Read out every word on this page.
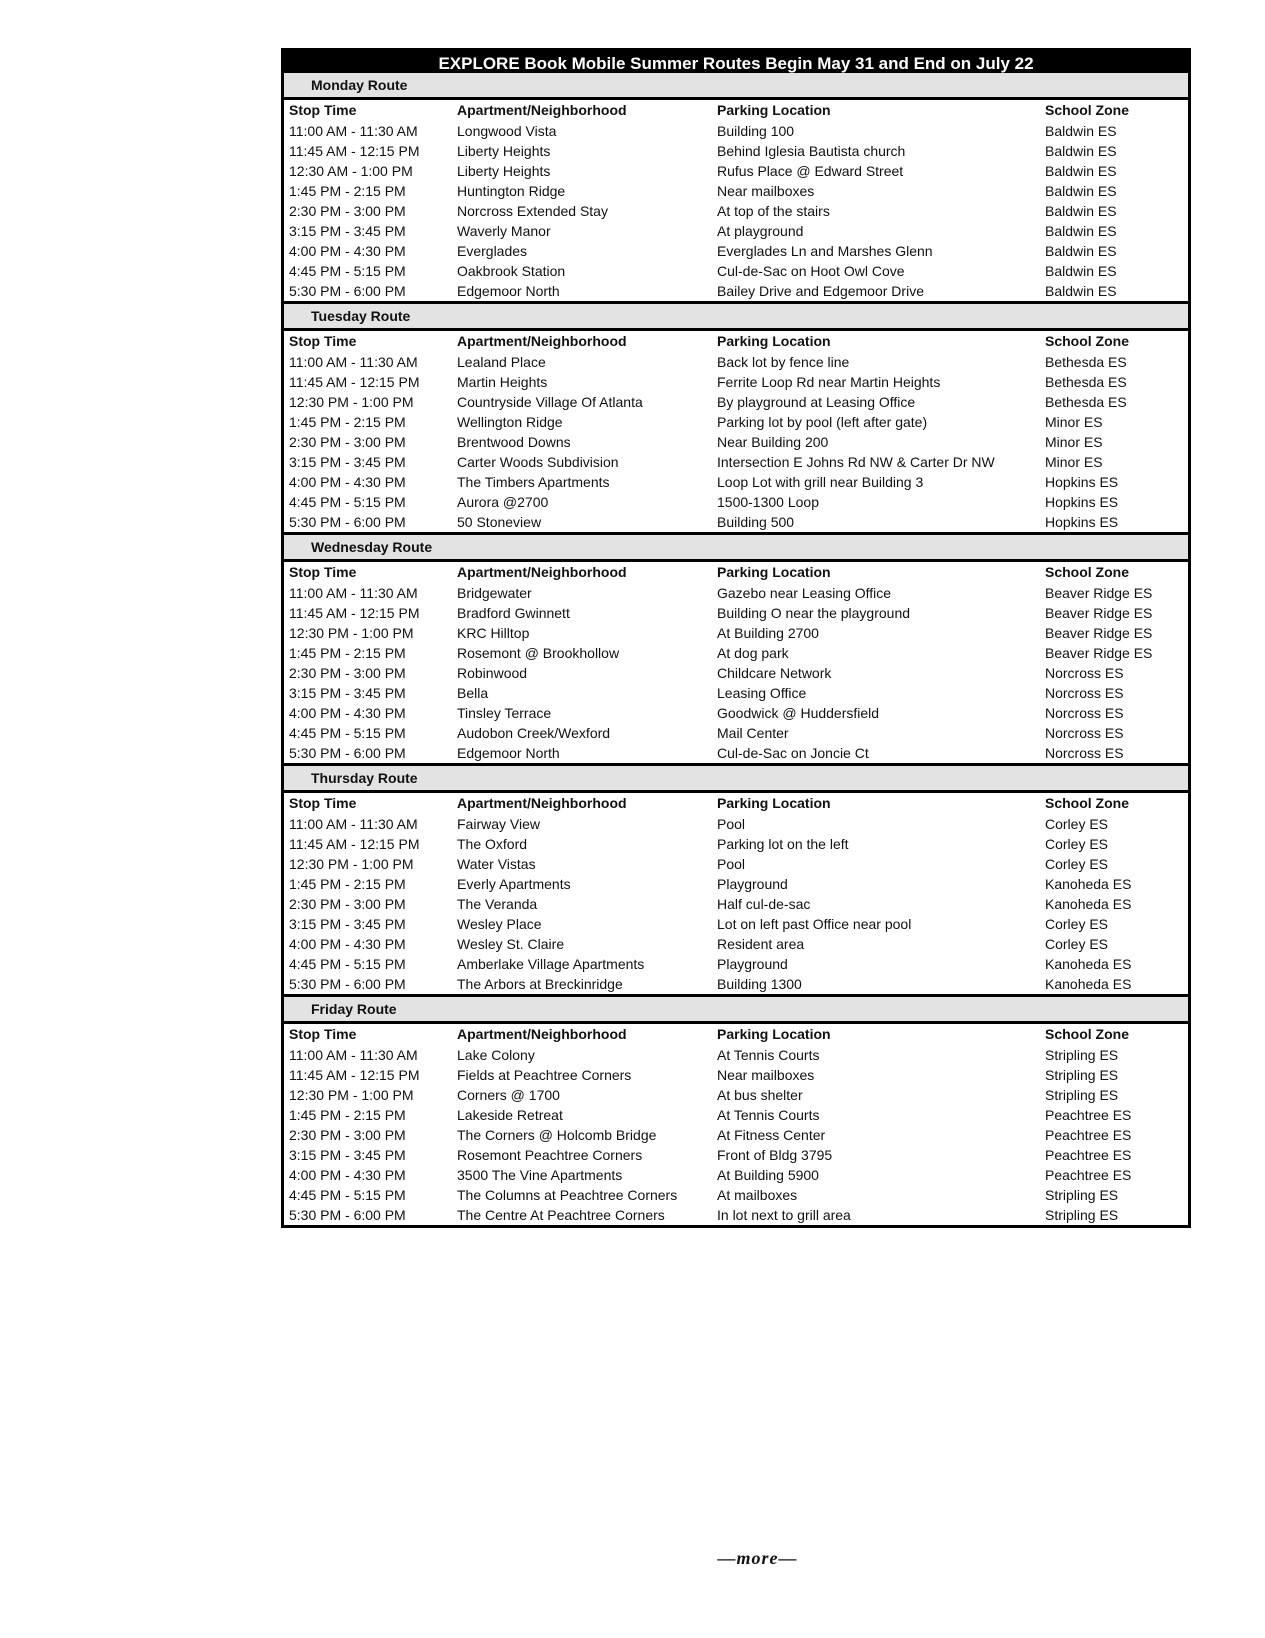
EXPLORE Book Mobile Summer Routes Begin May 31 and End on July 22
Monday Route
Stop Time	Apartment/Neighborhood	Parking Location	School Zone
11:00 AM - 11:30 AM	Longwood Vista	Building 100	Baldwin ES
11:45 AM - 12:15 PM	Liberty Heights	Behind Iglesia Bautista church	Baldwin ES
12:30 AM - 1:00 PM	Liberty Heights	Rufus Place @ Edward Street	Baldwin ES
1:45 PM - 2:15 PM	Huntington Ridge	Near mailboxes	Baldwin ES
2:30 PM - 3:00 PM	Norcross Extended Stay	At top of the stairs	Baldwin ES
3:15 PM - 3:45 PM	Waverly Manor	At playground	Baldwin ES
4:00 PM - 4:30 PM	Everglades	Everglades Ln and Marshes Glenn	Baldwin ES
4:45 PM - 5:15 PM	Oakbrook Station	Cul-de-Sac on Hoot Owl Cove	Baldwin ES
5:30 PM - 6:00 PM	Edgemoor North	Bailey Drive and Edgemoor Drive	Baldwin ES
Tuesday Route
Stop Time	Apartment/Neighborhood	Parking Location	School Zone
11:00 AM - 11:30 AM	Lealand Place	Back lot by fence line	Bethesda ES
11:45 AM - 12:15 PM	Martin Heights	Ferrite Loop Rd near Martin Heights	Bethesda ES
12:30 PM - 1:00 PM	Countryside Village Of Atlanta	By playground at Leasing Office	Bethesda ES
1:45 PM - 2:15 PM	Wellington Ridge	Parking lot by pool (left after gate)	Minor ES
2:30 PM - 3:00 PM	Brentwood Downs	Near Building 200	Minor ES
3:15 PM - 3:45 PM	Carter Woods Subdivision	Intersection E Johns Rd NW & Carter Dr NW	Minor ES
4:00 PM - 4:30 PM	The Timbers Apartments	Loop Lot with grill near Building 3	Hopkins ES
4:45 PM - 5:15 PM	Aurora @2700	1500-1300 Loop	Hopkins ES
5:30 PM - 6:00 PM	50 Stoneview	Building 500	Hopkins ES
Wednesday Route
Stop Time	Apartment/Neighborhood	Parking Location	School Zone
11:00 AM - 11:30 AM	Bridgewater	Gazebo near Leasing Office	Beaver Ridge ES
11:45 AM - 12:15 PM	Bradford Gwinnett	Building O near the playground	Beaver Ridge ES
12:30 PM - 1:00 PM	KRC Hilltop	At Building 2700	Beaver Ridge ES
1:45 PM - 2:15 PM	Rosemont @ Brookhollow	At dog park	Beaver Ridge ES
2:30 PM - 3:00 PM	Robinwood	Childcare Network	Norcross ES
3:15 PM - 3:45 PM	Bella	Leasing Office	Norcross ES
4:00 PM - 4:30 PM	Tinsley Terrace	Goodwick @ Huddersfield	Norcross ES
4:45 PM - 5:15 PM	Audobon Creek/Wexford	Mail Center	Norcross ES
5:30 PM - 6:00 PM	Edgemoor North	Cul-de-Sac on Joncie Ct	Norcross ES
Thursday Route
Stop Time	Apartment/Neighborhood	Parking Location	School Zone
11:00 AM - 11:30 AM	Fairway View	Pool	Corley ES
11:45 AM - 12:15 PM	The Oxford	Parking lot on the left	Corley ES
12:30 PM - 1:00 PM	Water Vistas	Pool	Corley ES
1:45 PM - 2:15 PM	Everly Apartments	Playground	Kanoheda ES
2:30 PM - 3:00 PM	The Veranda	Half cul-de-sac	Kanoheda ES
3:15 PM - 3:45 PM	Wesley Place	Lot on left past Office near pool	Corley ES
4:00 PM - 4:30 PM	Wesley St. Claire	Resident area	Corley ES
4:45 PM - 5:15 PM	Amberlake Village Apartments	Playground	Kanoheda ES
5:30 PM - 6:00 PM	The Arbors at Breckinridge	Building 1300	Kanoheda ES
Friday Route
Stop Time	Apartment/Neighborhood	Parking Location	School Zone
11:00 AM - 11:30 AM	Lake Colony	At Tennis Courts	Stripling ES
11:45 AM - 12:15 PM	Fields at Peachtree Corners	Near mailboxes	Stripling ES
12:30 PM - 1:00 PM	Corners @ 1700	At bus shelter	Stripling ES
1:45 PM - 2:15 PM	Lakeside Retreat	At Tennis Courts	Peachtree ES
2:30 PM - 3:00 PM	The Corners @ Holcomb Bridge	At Fitness Center	Peachtree ES
3:15 PM - 3:45 PM	Rosemont Peachtree Corners	Front of Bldg 3795	Peachtree ES
4:00 PM - 4:30 PM	3500 The Vine Apartments	At Building 5900	Peachtree ES
4:45 PM - 5:15 PM	The Columns at Peachtree Corners	At mailboxes	Stripling ES
5:30 PM - 6:00 PM	The Centre At Peachtree Corners	In lot next to grill area	Stripling ES
—more—
